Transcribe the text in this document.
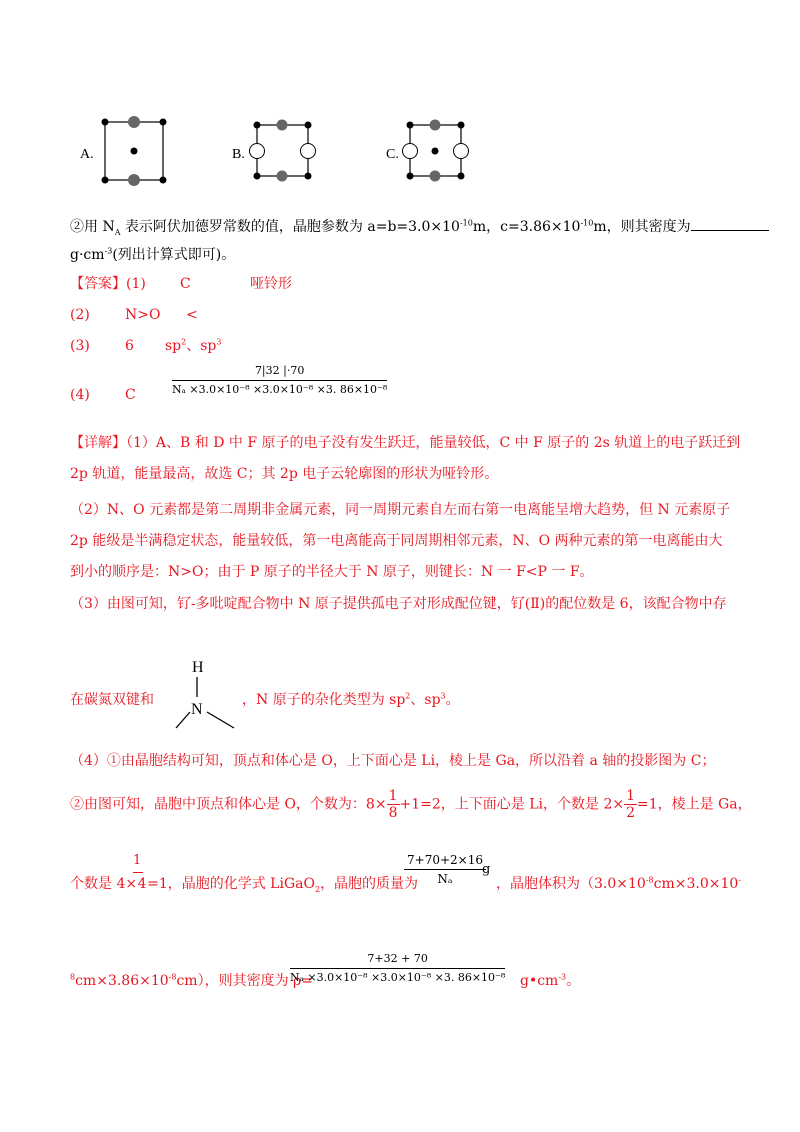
A.	B.	C.
②用 $N_A$ 表示阿伏加德罗常数的值，晶胞参数为 $a=b=3.0\times 10^{-10}m$，$c=3.86\times 10^{-10}m$，则其密度为
$g\cdot cm^{-3}$(列出计算式即可)。
【答案】(1) C	哑铃形
(2)	N>O <
(3)	6 $sp^2$、$sp^3$
(4)	C	$\frac{7|32 |\cdot 70}{\text{Nₐ ×3.0×10⁻⁸ ×3.0×10⁻⁸ ×3. 86×10⁻⁸}}$
【详解】（1）A、B 和 D 中 F 原子的电子没有发生跃迁，能量较低，C 中 F 原子的 2s 轨道上的电子跃迁到
2p 轨道，能量最高，故选 C；其 2p 电子云轮廓图的形状为哑铃形。
（2）N、O 元素都是第二周期非金属元素，同一周期元素自左而右第一电离能呈增大趋势，但 N 元素原子
2p 能级是半满稳定状态，能量较低，第一电离能高于同周期相邻元素，N、O 两种元素的第一电离能由大
到小的顺序是：N>O；由于 P 原子的半径大于 N 原子，则键长：N 一 F<P 一 F。
（3）由图可知，钌-多吡啶配合物中 N 原子提供孤电子对形成配位键，钌(Ⅱ)的配位数是 6，该配合物中存
在碳氮双键和
H
N
，N 原子的杂化类型为 $sp^2$、$sp^3$。
（4）①由晶胞结构可知，顶点和体心是 O，上下面心是 Li，棱上是 Ga，所以沿着 a 轴的投影图为 C；
②由图可知，晶胞中顶点和体心是 O，个数为：$8\times \frac{1}{8} +1=2$，上下面心是 Li，个数是 $2\times \frac{1}{2} =1$，棱上是 Ga，
1
个数是 4×4=1，晶胞的化学式 LiGaO$_2$，晶胞的质量为
$\frac{7+70+2\times 16}{\text{Nₐ}}$
g
，晶胞体积为（$3.0\times 10^{-8}cm\times 3.0\times 10^-$
$^8cm\times 3.86\times 10^{-8}cm$），则其密度为 ρ=
$\frac{7+32 + 70}{\text{Nₐ ×3.0×10⁻⁸ ×3.0×10⁻⁸ ×3. 86×10⁻⁸}}$ $g•cm^{-3}$。
